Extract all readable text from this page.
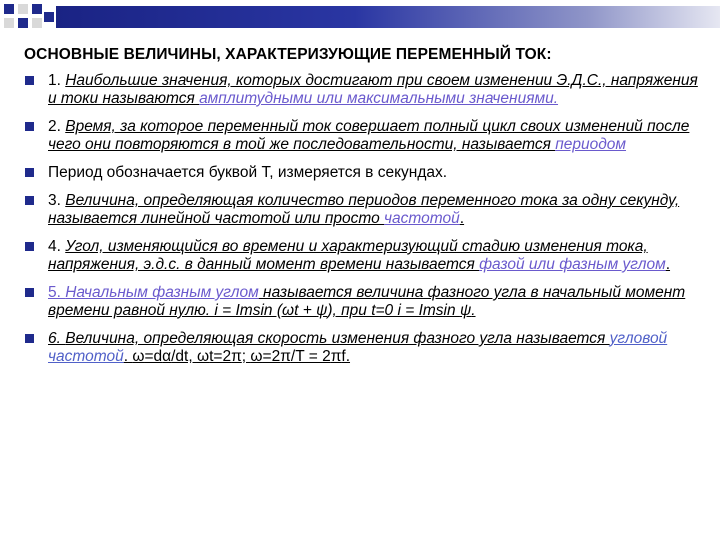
ОСНОВНЫЕ ВЕЛИЧИНЫ, ХАРАКТЕРИЗУЮЩИЕ ПЕРЕМЕННЫЙ ТОК:
1. Наибольшие значения, которых достигают при своем изменении Э.Д.С., напряжения и токи называются амплитудными или максимальными значениями.
2. Время, за которое переменный ток совершает полный цикл своих изменений после чего они повторяются в той же последовательности, называется периодом
Период обозначается буквой Т, измеряется в секундах.
3. Величина, определяющая количество периодов переменного тока за одну секунду, называется линейной частотой или просто частотой.
4. Угол, изменяющийся во времени и характеризующий стадию изменения тока, напряжения, э.д.с. в данный момент времени называется фазой или фазным углом.
5. Начальным фазным углом называется величина фазного угла в начальный момент времени равной нулю. i = Imsin (ωt + ψ), при t=0 i = Imsin ψ.
6. Величина, определяющая скорость изменения фазного угла называется угловой частотой. ω=dα/dt, ωt=2π; ω=2π/T = 2πf.
